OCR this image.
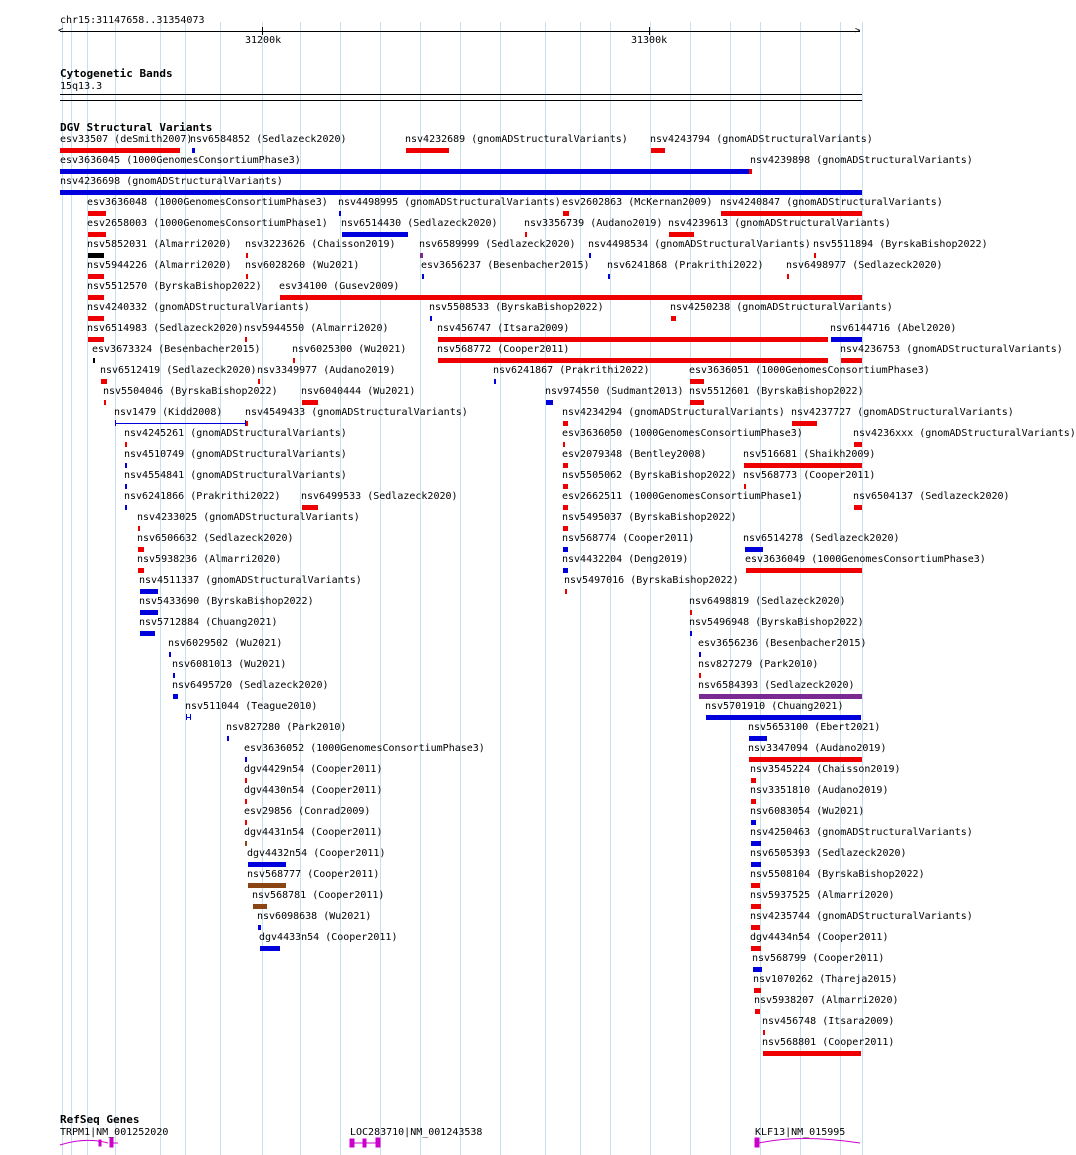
chr15:31147658..31354073
<	>
31200k	31300k
Cytogenetic Bands
15q13.3
DGV Structural Variants
esv33507 (deSmith2007)
nsv6584852 (Sedlazeck2020)	nsv4232689 (gnomADStructuralVariants) nsv4243794 (gnomADStructuralVariants)
esv3636045 (1000GenomesConsortiumPhase3)	nsv4239898 (gnomADStructuralVariants)
nsv4236698 (gnomADStructuralVariants)
esv3636048 (1000GenomesConsortiumPhase3) nsv4498995 (gnomADStructuralVariants) esv2602863 (McKernan2009) nsv4240847 (gnomADStructuralVariants)
esv2658003 (1000GenomesConsortiumPhase1) nsv6514430 (Sedlazeck2020)	nsv3356739 (Audano2019) nsv4239613 (gnomADStructuralVariants)
nsv5852031 (Almarri2020) nsv3223626 (Chaisson2019) nsv6589999 (Sedlazeck2020) nsv4498534 (gnomADStructuralVariants) nsv5511894 (ByrskaBishop2022)
nsv5944226 (Almarri2020) nsv6028260 (Wu2021)	esv3656237 (Besenbacher2015) nsv6241868 (Prakrithi2022) nsv6498977 (Sedlazeck2020)
nsv5512570 (ByrskaBishop2022) esv34100 (Gusev2009)
nsv4240332 (gnomADStructuralVariants)	nsv5508533 (ByrskaBishop2022)	nsv4250238 (gnomADStructuralVariants)
nsv6514983 (Sedlazeck2020) nsv5944550 (Almarri2020)	nsv456747 (Itsara2009)	nsv6144716 (Abel2020)
esv3673324 (Besenbacher2015)	nsv6025300 (Wu2021)	nsv568772 (Cooper2011)	nsv4236753 (gnomADStructuralVariants)
nsv6512419 (Sedlazeck2020) nsv3349977 (Audano2019)	nsv6241867 (Prakrithi2022)	esv3636051 (1000GenomesConsortiumPhase3)
nsv5504046 (ByrskaBishop2022) nsv6040444 (Wu2021)	nsv974550 (Sudmant2013) nsv5512601 (ByrskaBishop2022)
nsv1479 (Kidd2008) nsv4549433 (gnomADStructuralVariants)	nsv4234294 (gnomADStructuralVariants) nsv4237727 (gnomADStructuralVariants)
nsv4245261 (gnomADStructuralVariants)	esv3636050 (1000GenomesConsortiumPhase3)	nsv4236xxx (gnomADStructuralVariants)
nsv4510749 (gnomADStructuralVariants)	esv2079348 (Bentley2008)	nsv516681 (Shaikh2009)
nsv4554841 (gnomADStructuralVariants)	nsv5505062 (ByrskaBishop2022) nsv568773 (Cooper2011)
nsv6241866 (Prakrithi2022) nsv6499533 (Sedlazeck2020)	esv2662511 (1000GenomesConsortiumPhase1)	nsv6504137 (Sedlazeck2020)
nsv4233025 (gnomADStructuralVariants)	nsv5495037 (ByrskaBishop2022)
nsv6506632 (Sedlazeck2020)	nsv568774 (Cooper2011)	nsv6514278 (Sedlazeck2020)
nsv5938236 (Almarri2020)	nsv4432204 (Deng2019)	esv3636049 (1000GenomesConsortiumPhase3)
nsv4511337 (gnomADStructuralVariants)	nsv5497016 (ByrskaBishop2022)
nsv5433690 (ByrskaBishop2022)	nsv6498819 (Sedlazeck2020)
nsv5712884 (Chuang2021)	nsv5496948 (ByrskaBishop2022)
nsv6029502 (Wu2021)	esv3656236 (Besenbacher2015)
nsv6081013 (Wu2021)	nsv827279 (Park2010)
nsv6495720 (Sedlazeck2020)	nsv6584393 (Sedlazeck2020)
nsv511044 (Teague2010)	nsv5701910 (Chuang2021)
nsv827280 (Park2010)	nsv5653100 (Ebert2021)
esv3636052 (1000GenomesConsortiumPhase3)	nsv3347094 (Audano2019)
dgv4429n54 (Cooper2011)	nsv3545224 (Chaisson2019)
dgv4430n54 (Cooper2011)	nsv3351810 (Audano2019)
esv29856 (Conrad2009)	nsv6083054 (Wu2021)
dgv4431n54 (Cooper2011)	nsv4250463 (gnomADStructuralVariants)
dgv4432n54 (Cooper2011)	nsv6505393 (Sedlazeck2020)
nsv568777 (Cooper2011)	nsv5508104 (ByrskaBishop2022)
nsv568781 (Cooper2011)	nsv5937525 (Almarri2020)
nsv6098638 (Wu2021)	nsv4235744 (gnomADStructuralVariants)
dgv4433n54 (Cooper2011)	dgv4434n54 (Cooper2011)
nsv568799 (Cooper2011)
nsv1070262 (Thareja2015)
nsv5938207 (Almarri2020)
nsv456748 (Itsara2009)
nsv568801 (Cooper2011)
RefSeq Genes
TRPM1|NM_001252020	LOC283710|NM_001243538	KLF13|NM_015995
